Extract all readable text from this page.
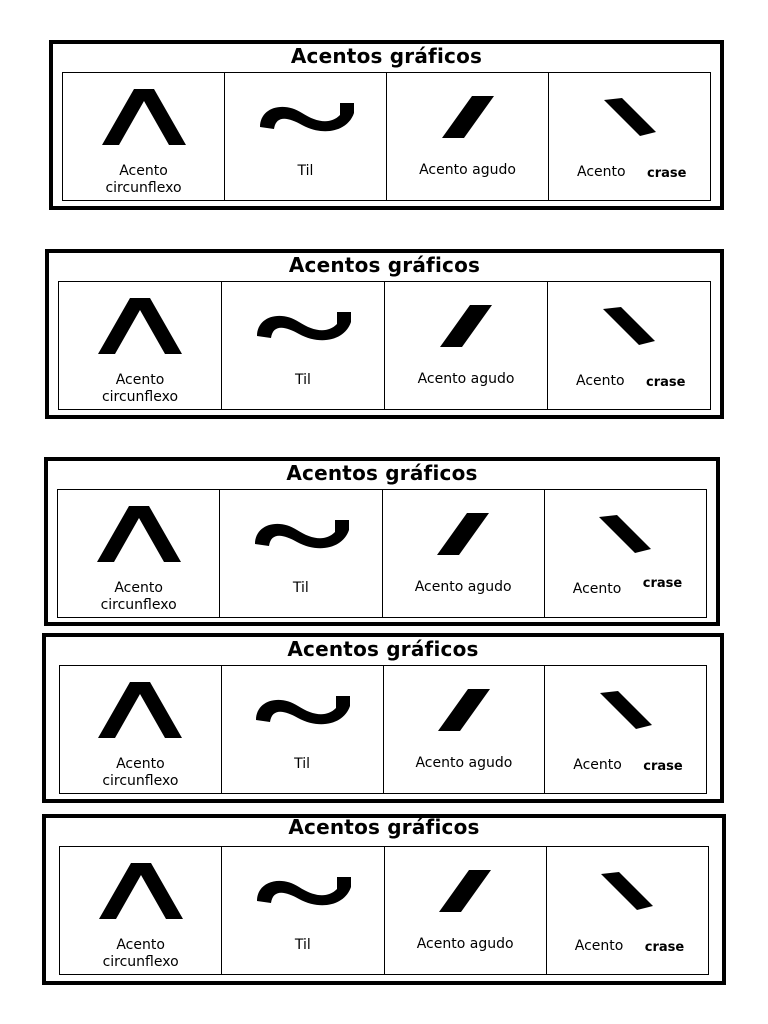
Acentos gráficos
Acento
circunflexo
Til	Acento agudo	Acento crase
Acentos gráficos
Acento
circunflexo
Til	Acento agudo	Acento crase
Acentos gráficos
Acento
circunflexo
Til	Acento agudo	Acento crase
Acentos gráficos
Acento
circunflexo
Til	Acento agudo	Acento crase
Acentos gráficos
Acento
circunflexo
Til	Acento agudo	Acento crase
